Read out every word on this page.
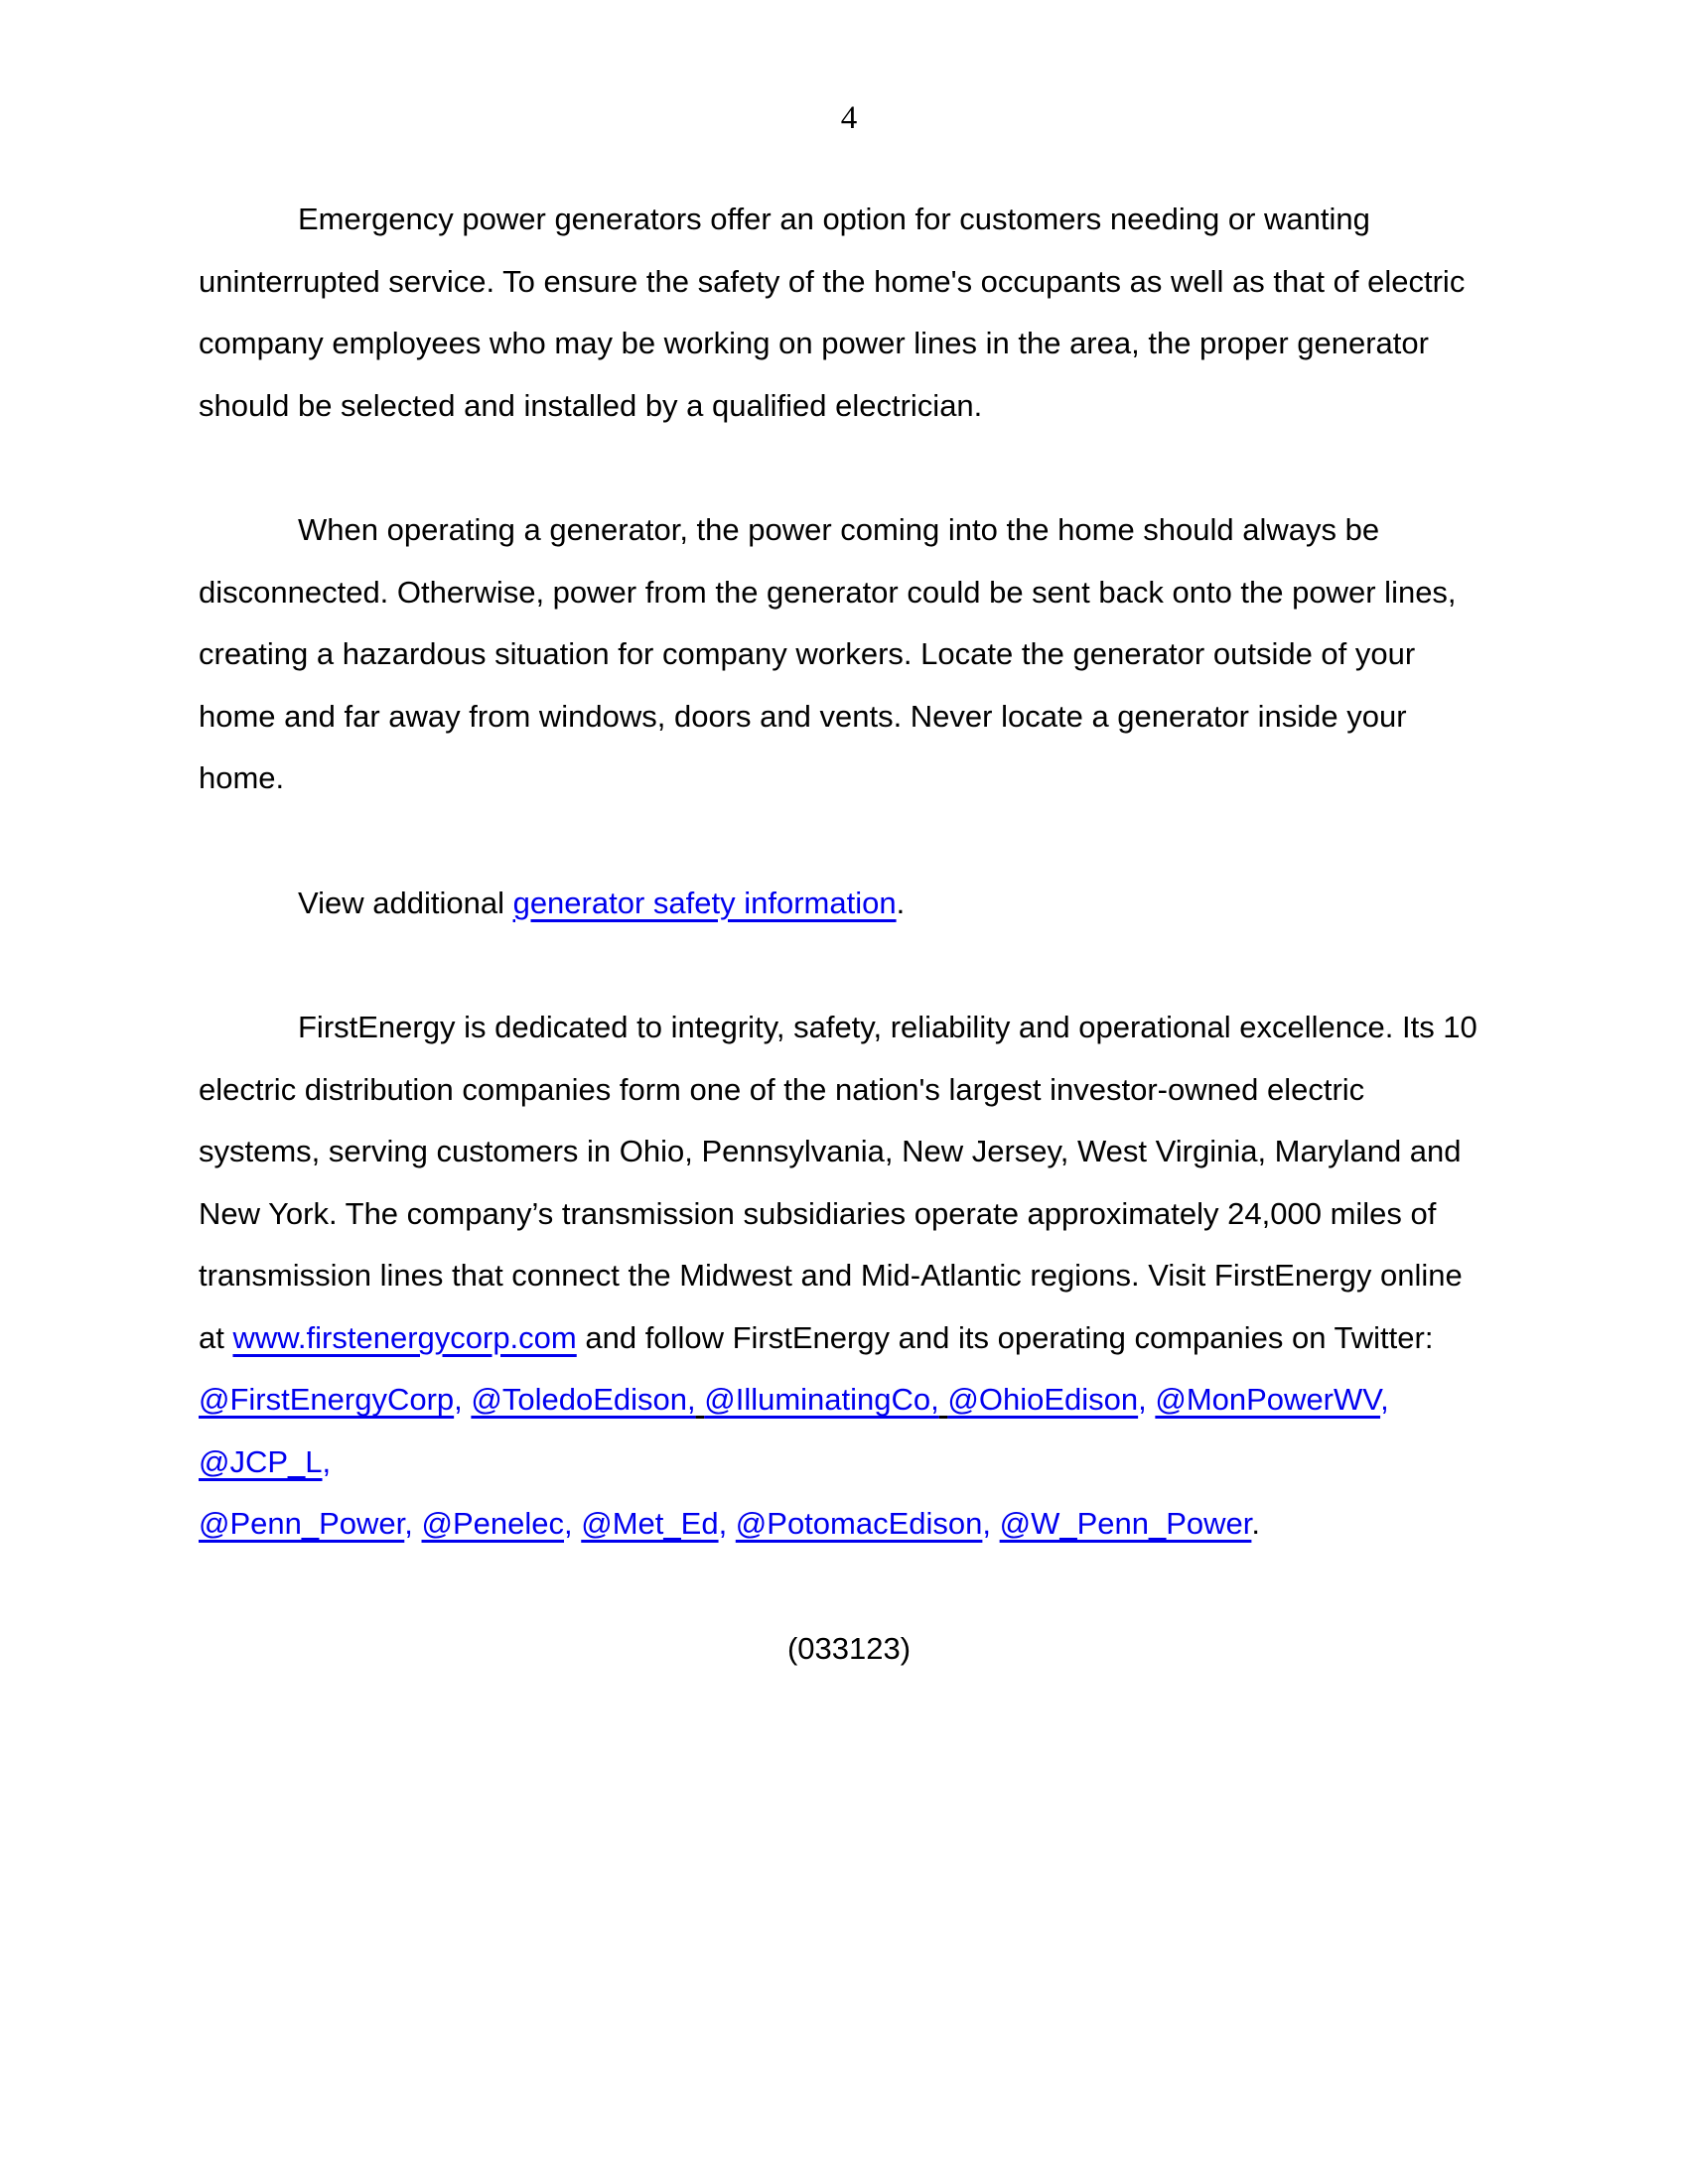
4
Emergency power generators offer an option for customers needing or wanting
uninterrupted service. To ensure the safety of the home's occupants as well as that of electric
company employees who may be working on power lines in the area, the proper generator
should be selected and installed by a qualified electrician.
When operating a generator, the power coming into the home should always be
disconnected. Otherwise, power from the generator could be sent back onto the power lines,
creating a hazardous situation for company workers. Locate the generator outside of your
home and far away from windows, doors and vents. Never locate a generator inside your home.
View additional generator safety information.
FirstEnergy is dedicated to integrity, safety, reliability and operational excellence. Its 10
electric distribution companies form one of the nation's largest investor-owned electric
systems, serving customers in Ohio, Pennsylvania, New Jersey, West Virginia, Maryland and
New York. The company’s transmission subsidiaries operate approximately 24,000 miles of
transmission lines that connect the Midwest and Mid-Atlantic regions. Visit FirstEnergy online
at www.firstenergycorp.com and follow FirstEnergy and its operating companies on Twitter:
@FirstEnergyCorp, @ToledoEdison, @IlluminatingCo, @OhioEdison, @MonPowerWV, @JCP_L,
@Penn_Power, @Penelec, @Met_Ed, @PotomacEdison, @W_Penn_Power.
(033123)
